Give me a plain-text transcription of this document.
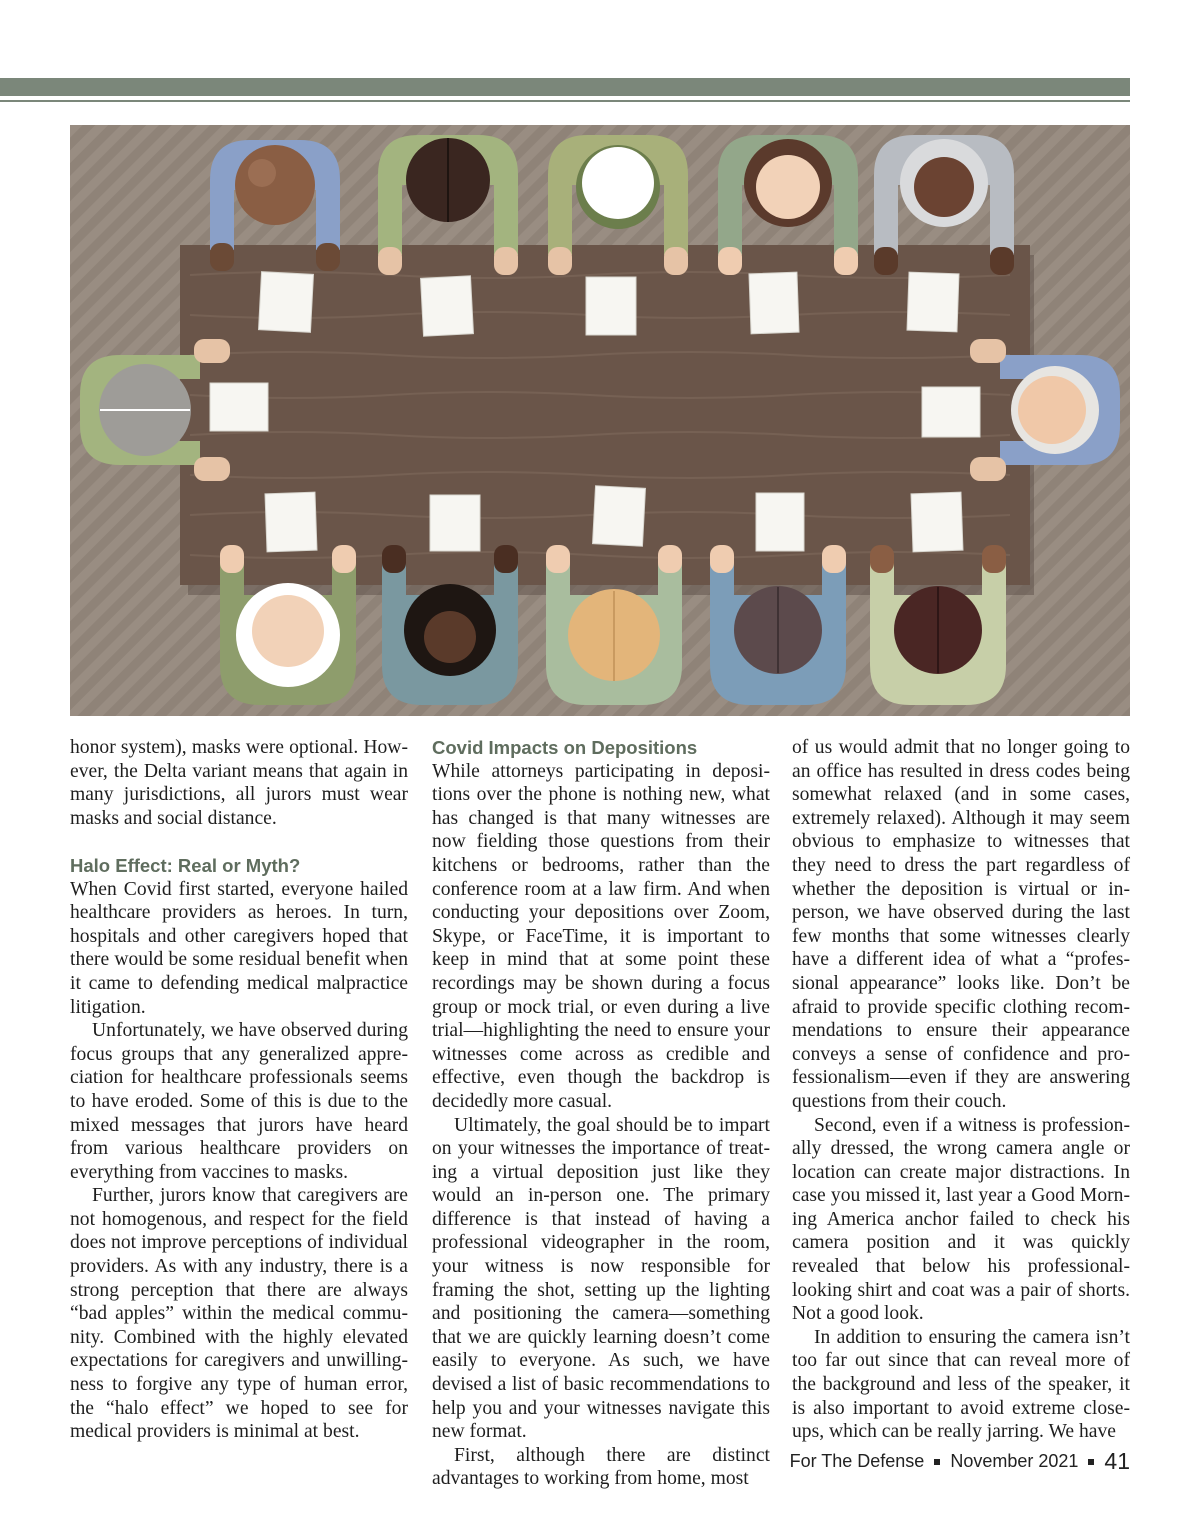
honor system), masks were optional. However, the Delta variant means that again in many jurisdictions, all jurors must wear masks and social distance.

Halo Effect: Real or Myth?

When Covid first started, everyone hailed healthcare providers as heroes. In turn, hospitals and other caregivers hoped that there would be some residual benefit when it came to defending medical malpractice litigation.

Unfortunately, we have observed during focus groups that any generalized appreciation for healthcare professionals seems to have eroded. Some of this is due to the mixed messages that jurors have heard from various healthcare providers on everything from vaccines to masks.

Further, jurors know that caregivers are not homogenous, and respect for the field does not improve perceptions of individual providers. As with any industry, there is a strong perception that there are always “bad apples” within the medical community. Combined with the highly elevated expectations for caregivers and unwillingness to forgive any type of human error, the “halo effect” we hoped to see for medical providers is minimal at best.

Covid Impacts on Depositions

While attorneys participating in depositions over the phone is nothing new, what has changed is that many witnesses are now fielding those questions from their kitchens or bedrooms, rather than the conference room at a law firm. And when conducting your depositions over Zoom, Skype, or FaceTime, it is important to keep in mind that at some point these recordings may be shown during a focus group or mock trial, or even during a live trial—highlighting the need to ensure your witnesses come across as credible and effective, even though the backdrop is decidedly more casual.

Ultimately, the goal should be to impart on your witnesses the importance of treating a virtual deposition just like they would an in-person one. The primary difference is that instead of having a professional videographer in the room, your witness is now responsible for framing the shot, setting up the lighting and positioning the camera—something that we are quickly learning doesn’t come easily to everyone. As such, we have devised a list of basic recommendations to help you and your witnesses navigate this new format.

First, although there are distinct advantages to working from home, most

of us would admit that no longer going to an office has resulted in dress codes being somewhat relaxed (and in some cases, extremely relaxed). Although it may seem obvious to emphasize to witnesses that they need to dress the part regardless of whether the deposition is virtual or in-person, we have observed during the last few months that some witnesses clearly have a different idea of what a “professional appearance” looks like. Don’t be afraid to provide specific clothing recommendations to ensure their appearance conveys a sense of confidence and professionalism—even if they are answering questions from their couch.

Second, even if a witness is professionally dressed, the wrong camera angle or location can create major distractions. In case you missed it, last year a Good Morning America anchor failed to check his camera position and it was quickly revealed that below his professional-looking shirt and coat was a pair of shorts. Not a good look.

In addition to ensuring the camera isn’t too far out since that can reveal more of the background and less of the speaker, it is also important to avoid extreme close-ups, which can be really jarring. We have

For The Defense November 2021 41
